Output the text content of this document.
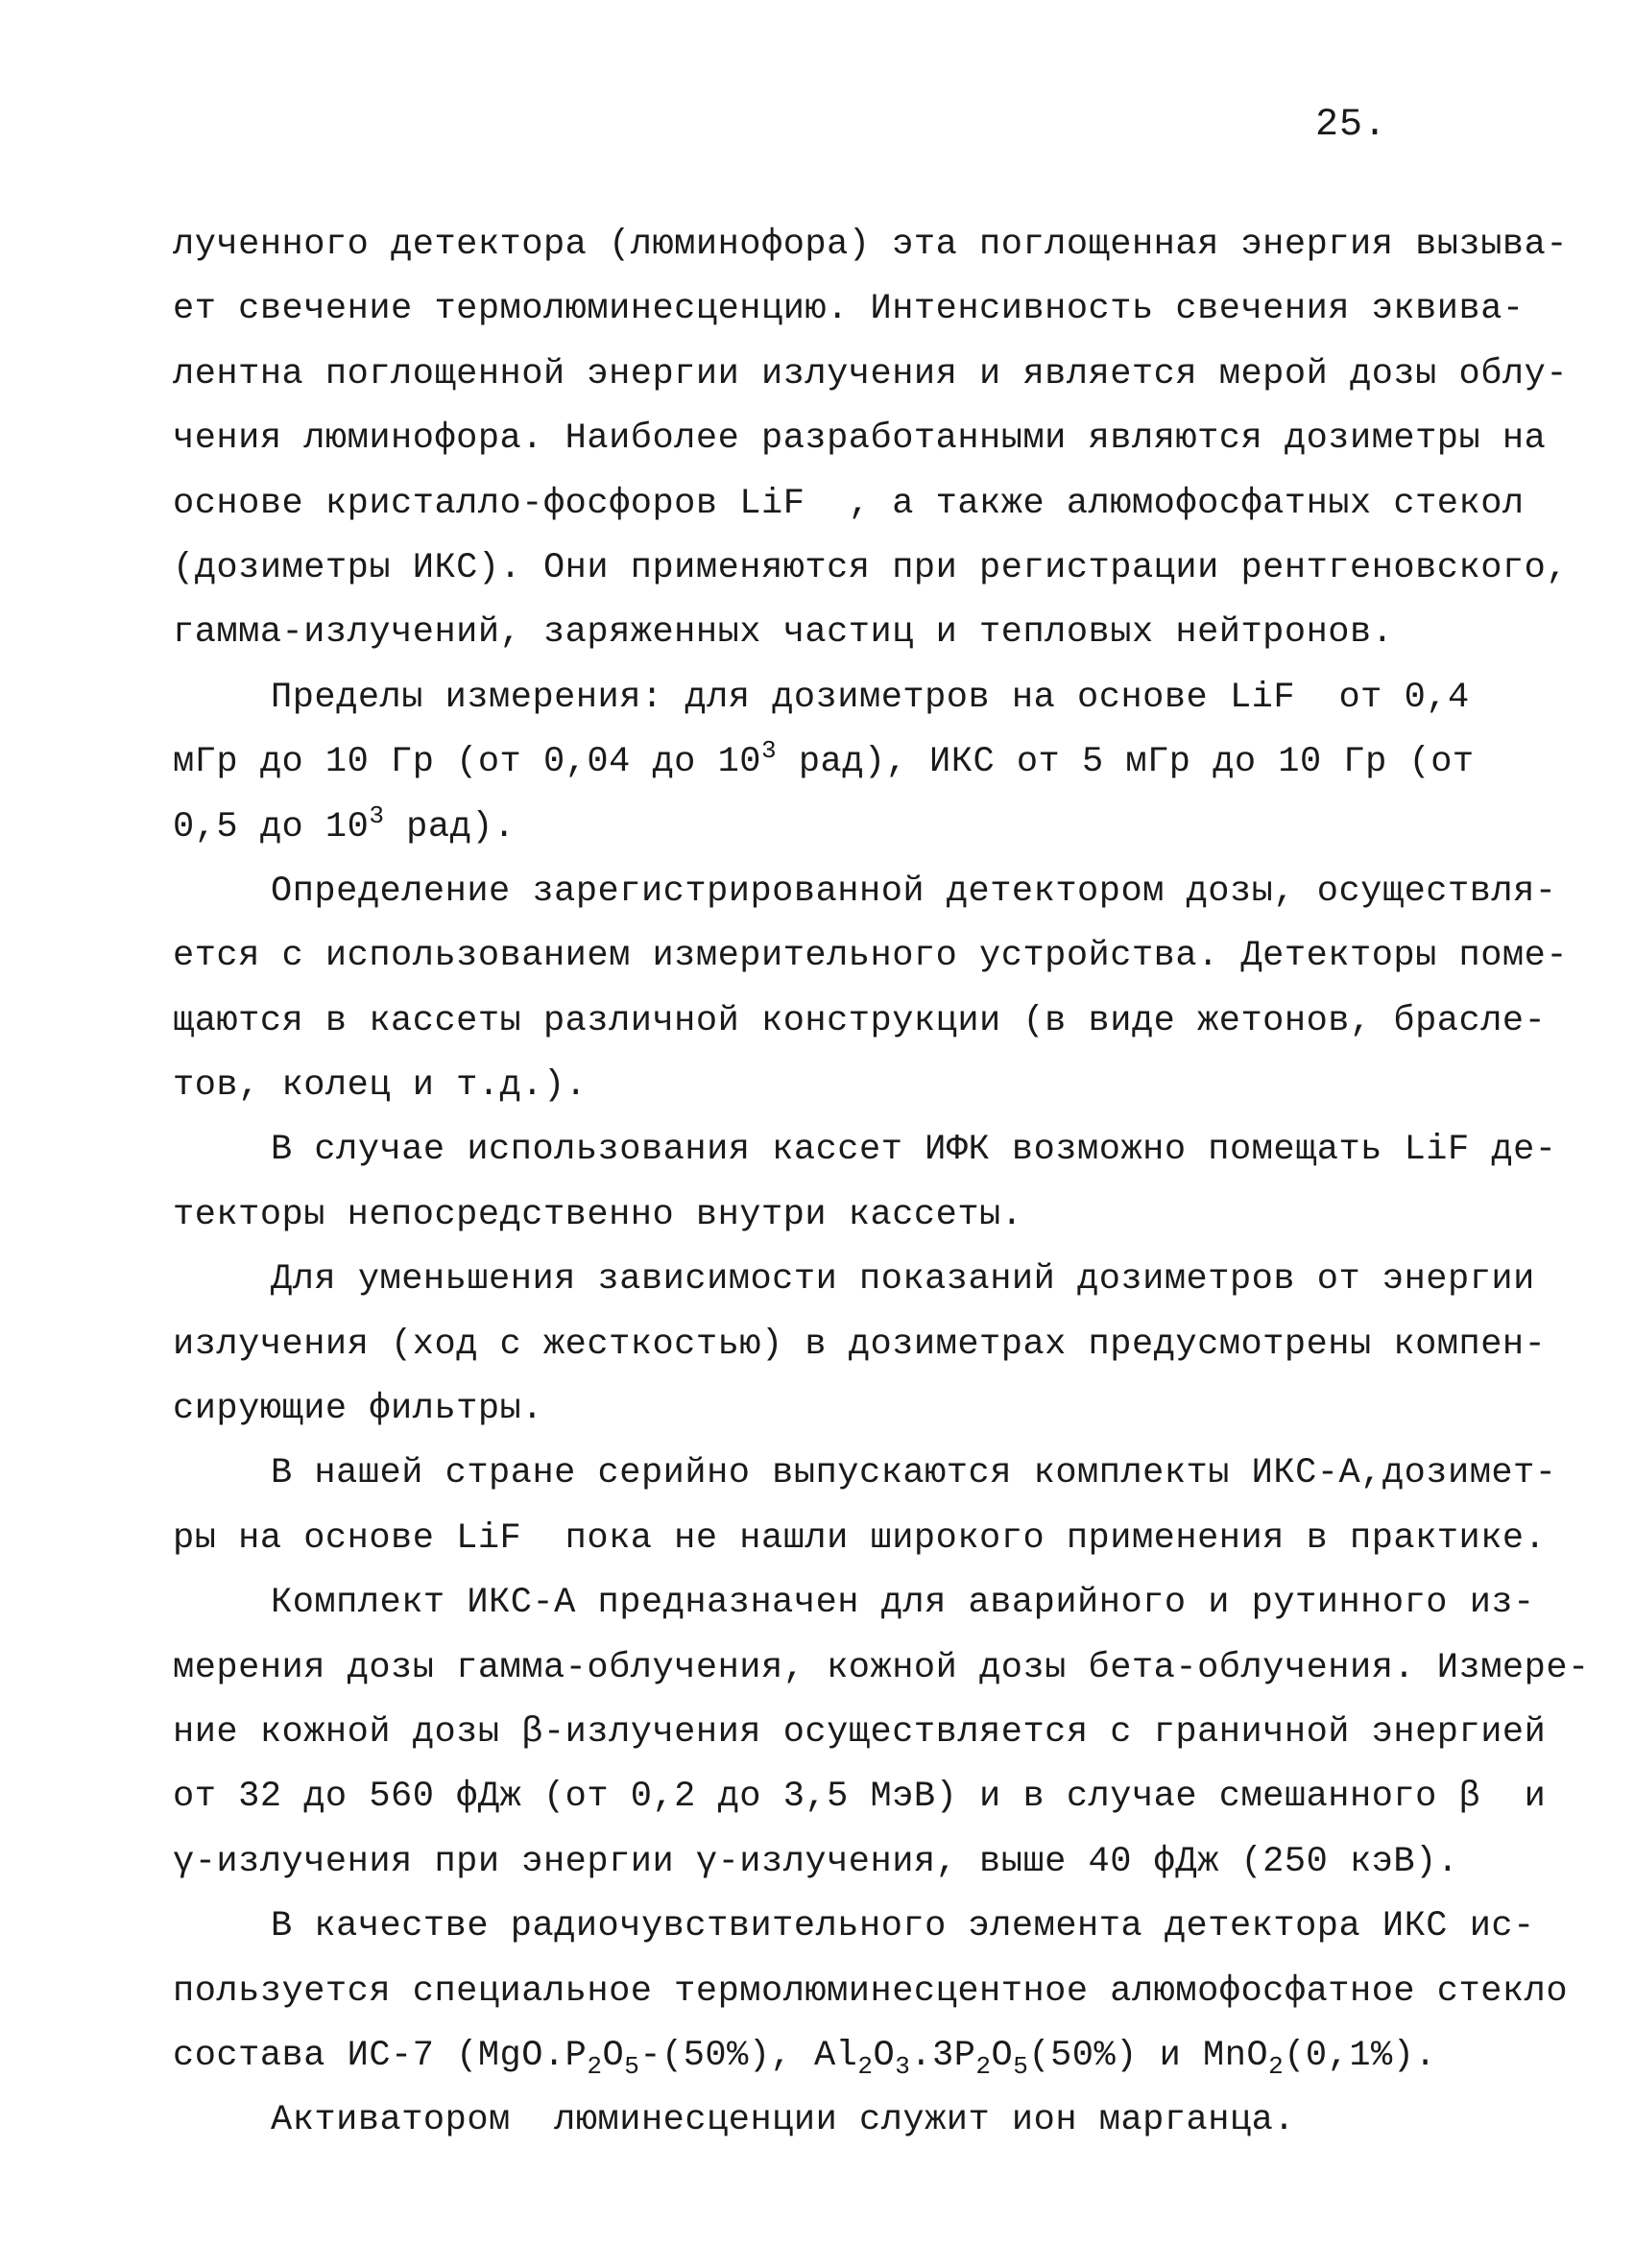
25.
лученного детектора (люминофора) эта поглощенная энергия вызыва-
ет свечение термолюминесценцию. Интенсивность свечения эквива-
лентна поглощенной энергии излучения и является мерой дозы облу-
чения люминофора. Наиболее разработанными являются дозиметры на
основе кристалло-фосфоров LiF  , а также алюмофосфатных стекол
(дозиметры ИКС). Они применяются при регистрации рентгеновского,
гамма-излучений, заряженных частиц и тепловых нейтронов.
Пределы измерения: для дозиметров на основе LiF  от 0,4
мГр до 10 Гр (от 0,04 до $10^3$ рад), ИКС от 5 мГр до 10 Гр (от
0,5 до $10^3$ рад).
Определение зарегистрированной детектором дозы, осуществля-
ется с использованием измерительного устройства. Детекторы поме-
щаются в кассеты различной конструкции (в виде жетонов, брасле-
тов, колец и т.д.).
В случае использования кассет ИФК возможно помещать LiF де-
текторы непосредственно внутри кассеты.
Для уменьшения зависимости показаний дозиметров от энергии
излучения (ход с жесткостью) в дозиметрах предусмотрены компен-
сирующие фильтры.
В нашей стране серийно выпускаются комплекты ИКС-А,дозимет-
ры на основе LiF  пока не нашли широкого применения в практике.
Комплект ИКС-А предназначен для аварийного и рутинного из-
мерения дозы гамма-облучения, кожной дозы бета-облучения. Измере-
ние кожной дозы β-излучения осуществляется с граничной энергией
от 32 до 560 фДж (от 0,2 до 3,5 МэВ) и в случае смешанного β  и
γ-излучения при энергии γ-излучения, выше 40 фДж (250 кэВ).
В качестве радиочувствительного элемента детектора ИКС ис-
пользуется специальное термолюминесцентное алюмофосфатное стекло
состава ИС-7 ($MgO.P_2O_5-(50\%)$, $Al_2O_3.3P_2O_5(50\%)$ и MnO$_2$(0,1%).
Активатором  люминесценции служит ион марганца.
